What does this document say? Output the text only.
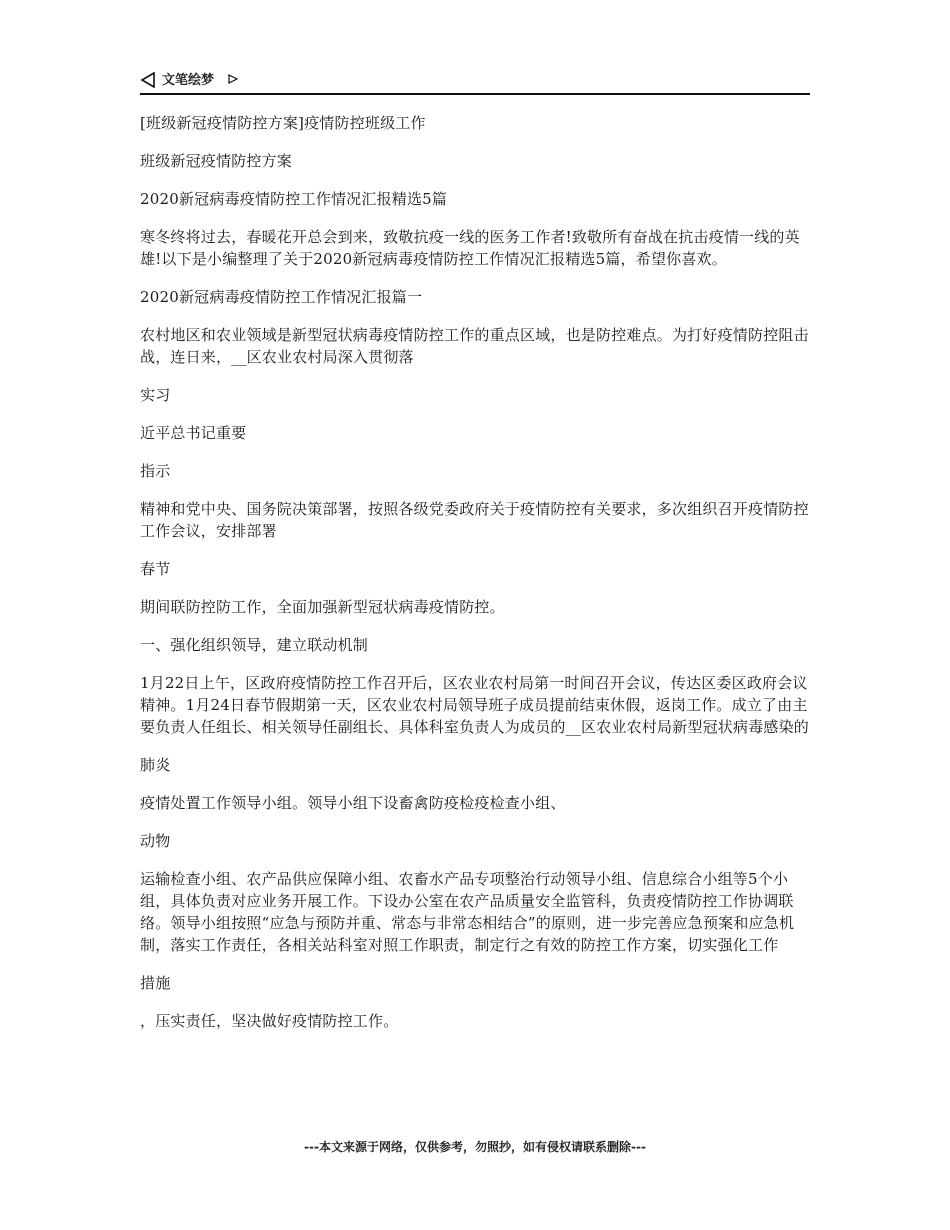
文笔绘梦

[班级新冠疫情防控方案]疫情防控班级工作

班级新冠疫情防控方案

2020新冠病毒疫情防控工作情况汇报精选5篇

寒冬终将过去，春暖花开总会到来，致敬抗疫一线的医务工作者!致敬所有奋战在抗击疫情一线的英雄!以下是小编整理了关于2020新冠病毒疫情防控工作情况汇报精选5篇，希望你喜欢。

2020新冠病毒疫情防控工作情况汇报篇一

农村地区和农业领域是新型冠状病毒疫情防控工作的重点区域，也是防控难点。为打好疫情防控阻击战，连日来，__区农业农村局深入贯彻落

实习

近平总书记重要

指示

精神和党中央、国务院决策部署，按照各级党委政府关于疫情防控有关要求，多次组织召开疫情防控工作会议，安排部署

春节

期间联防控防工作，全面加强新型冠状病毒疫情防控。

一、强化组织领导，建立联动机制

1月22日上午，区政府疫情防控工作召开后，区农业农村局第一时间召开会议，传达区委区政府会议精神。1月24日春节假期第一天，区农业农村局领导班子成员提前结束休假，返岗工作。成立了由主要负责人任组长、相关领导任副组长、具体科室负责人为成员的__区农业农村局新型冠状病毒感染的

肺炎

疫情处置工作领导小组。领导小组下设畜禽防疫检疫检查小组、

动物

运输检查小组、农产品供应保障小组、农畜水产品专项整治行动领导小组、信息综合小组等5个小组，具体负责对应业务开展工作。下设办公室在农产品质量安全监管科，负责疫情防控工作协调联络。领导小组按照“应急与预防并重、常态与非常态相结合”的原则，进一步完善应急预案和应急机制，落实工作责任，各相关站科室对照工作职责，制定行之有效的防控工作方案，切实强化工作

措施

，压实责任，坚决做好疫情防控工作。

---本文来源于网络，仅供参考，勿照抄，如有侵权请联系删除---
